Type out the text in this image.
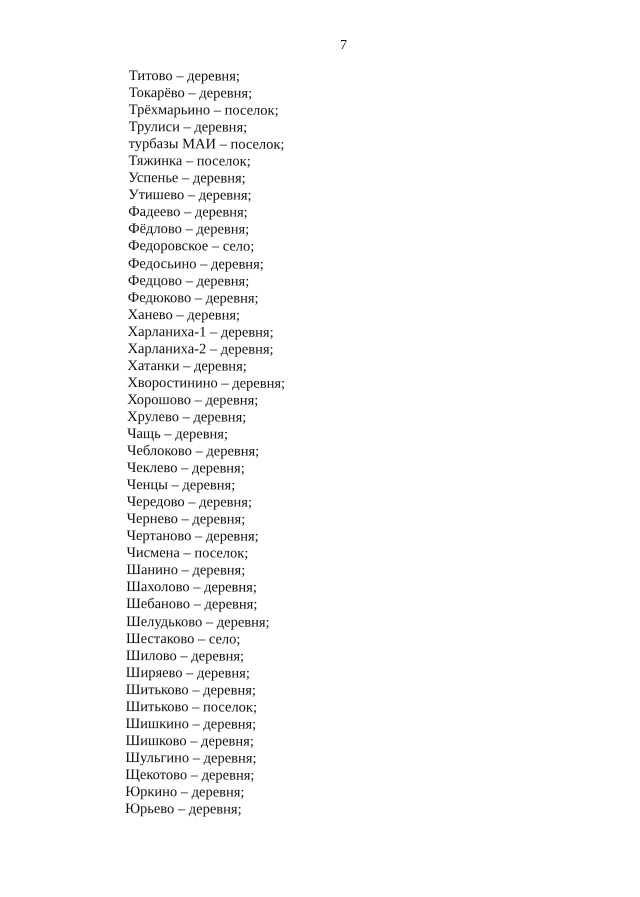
7
Титово – деревня;
Токарёво – деревня;
Трёхмарьино – поселок;
Трулиси – деревня;
турбазы МАИ – поселок;
Тяжинка – поселок;
Успенье – деревня;
Утишево – деревня;
Фадеево – деревня;
Фёдлово – деревня;
Федоровское – село;
Федосьино – деревня;
Федцово – деревня;
Федюково – деревня;
Ханево – деревня;
Харланиха-1 – деревня;
Харланиха-2 – деревня;
Хатанки – деревня;
Хворостинино – деревня;
Хорошово – деревня;
Хрулево – деревня;
Чащь – деревня;
Чеблоково – деревня;
Чеклево – деревня;
Ченцы – деревня;
Чередово – деревня;
Чернево – деревня;
Чертаново – деревня;
Чисмена – поселок;
Шанино – деревня;
Шахолово – деревня;
Шебаново – деревня;
Шелудьково – деревня;
Шестаково – село;
Шилово – деревня;
Ширяево – деревня;
Шитьково – деревня;
Шитьково – поселок;
Шишкино – деревня;
Шишково – деревня;
Шульгино – деревня;
Щекотово – деревня;
Юркино – деревня;
Юрьево – деревня;
